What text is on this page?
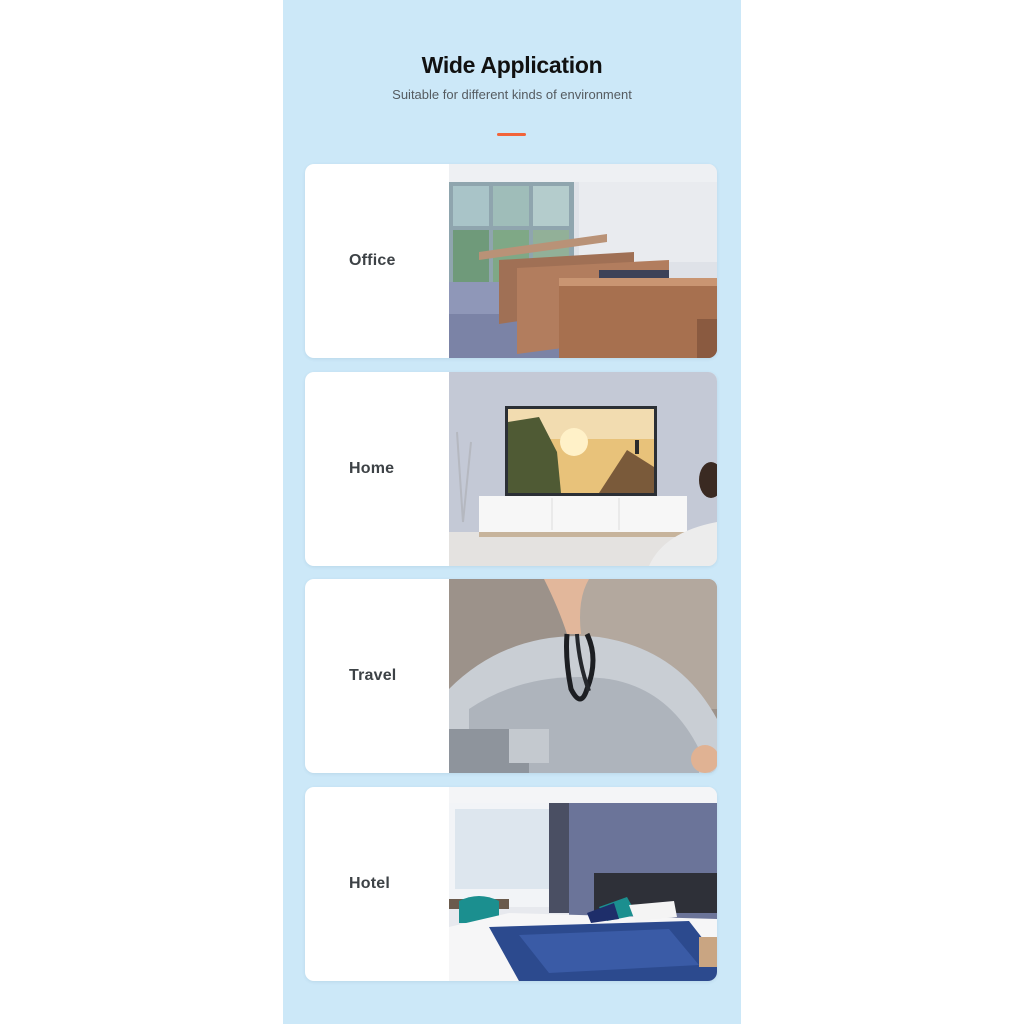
Wide Application
Suitable for different kinds of environment
Office
Home
Travel
Hotel
